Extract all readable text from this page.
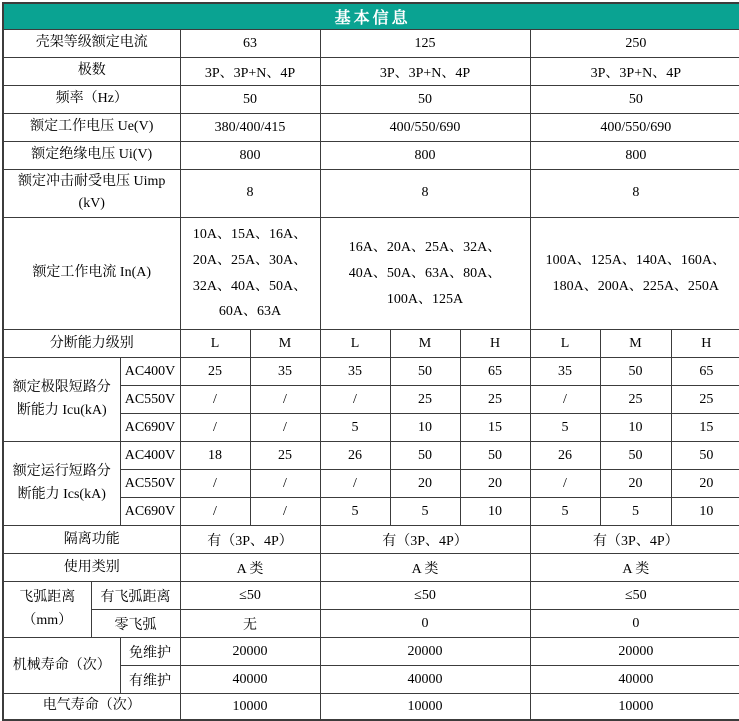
基本信息										
壳架等级额定电流			63		125			250		
极数			3P、3P+N、4P		3P、3P+N、4P			3P、3P+N、4P		
频率（Hz）			50		50			50		
额定工作电压 Ue(V)			380/400/415		400/550/690			400/550/690		
额定绝缘电压 Ui(V)			800		800			800		
额定冲击耐受电压 Uimp (kV)			8		8			8		
额定工作电流 In(A)			10A、15A、16A、20A、25A、30A、32A、40A、50A、60A、63A		16A、20A、25A、32A、40A、50A、63A、80A、100A、125A			100A、125A、140A、160A、180A、200A、225A、250A		
分断能力级别			L	M	L	M	H	L	M	H
额定极限短路分断能力 Icu(kA)		AC400V	25	35	35	50	65	35	50	65
		AC550V	/	/	/	25	25	/	25	25
		AC690V	/	/	5	10	15	5	10	15
额定运行短路分断能力 Ics(kA)		AC400V	18	25	26	50	50	26	50	50
		AC550V	/	/	/	20	20	/	20	20
		AC690V	/	/	5	5	10	5	5	10
隔离功能			有（3P、4P）		有（3P、4P）			有（3P、4P）		
使用类别			A 类		A 类			A 类		
飞弧距离（mm）	有飞弧距离		≤50		≤50			≤50		
	零飞弧		无		0			0		
机械寿命（次）		免维护	20000		20000			20000		
		有维护	40000		40000			40000		
电气寿命（次）			10000		10000			10000		
